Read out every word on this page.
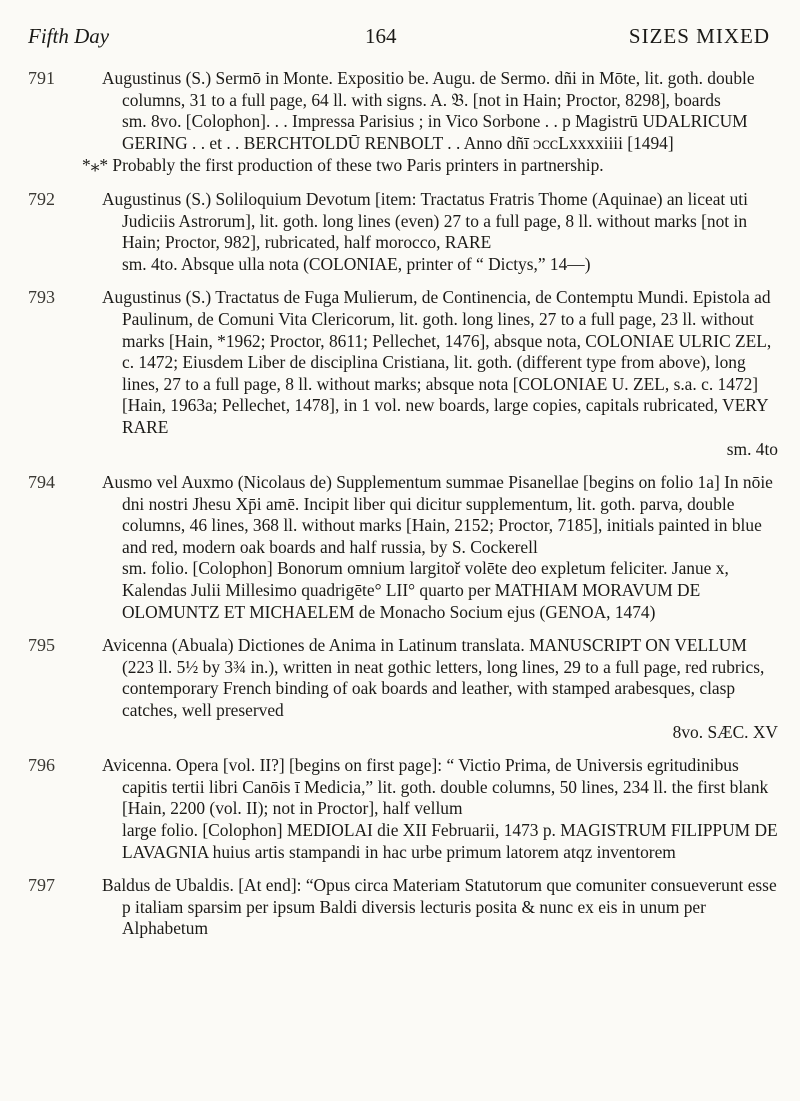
Fifth Day	164	SIZES MIXED
791	Augustinus (S.) Sermō in Monte. Expositio be. Augu. de Sermo. dñi in Mōte, lit. goth. double columns, 31 to a full page, 64 ll. with signs. A. 𝔅. [not in Hain; Proctor, 8298], boards
sm. 8vo. [Colophon]. . . Impressa Parisius ; in Vico Sorbone . . p Magistrū UDALRICUM GERING . . et . . BERCHTOLDŪ RENBOLT . . Anno dñī ᴐᴄᴄLxxxxiiii [1494]
*⁎* Probably the first production of these two Paris printers in partnership.
792	Augustinus (S.) Soliloquium Devotum [item: Tractatus Fratris Thome (Aquinae) an liceat uti Judiciis Astrorum], lit. goth. long lines (even) 27 to a full page, 8 ll. without marks [not in Hain; Proctor, 982], rubricated, half morocco, RARE
sm. 4to. Absque ulla nota (COLONIAE, printer of “ Dictys,” 14—)
793	Augustinus (S.) Tractatus de Fuga Mulierum, de Continencia, de Contemptu Mundi. Epistola ad Paulinum, de Comuni Vita Clericorum, lit. goth. long lines, 27 to a full page, 23 ll. without marks [Hain, *1962; Proctor, 8611; Pellechet, 1476], absque nota, COLONIAE ULRIC ZEL, c. 1472; Eiusdem Liber de disciplina Cristiana, lit. goth. (different type from above), long lines, 27 to a full page, 8 ll. without marks; absque nota [COLONIAE U. ZEL, s.a. c. 1472] [Hain, 1963a; Pellechet, 1478], in 1 vol. new boards, large copies, capitals rubricated, VERY RARE
sm. 4to
794	Ausmo vel Auxmo (Nicolaus de) Supplementum summae Pisanellae [begins on folio 1a] In nōie dni nostri Jhesu Xp̄i amē. Incipit liber qui dicitur supplementum, lit. goth. parva, double columns, 46 lines, 368 ll. without marks [Hain, 2152; Proctor, 7185], initials painted in blue and red, modern oak boards and half russia, by S. Cockerell
sm. folio. [Colophon] Bonorum omnium largitoř volēte deo expletum feliciter. Janue x, Kalendas Julii Millesimo quadrigēte° LII° quarto per MATHIAM MORAVUM DE OLOMUNTZ ET MICHAELEM de Monacho Socium ejus (GENOA, 1474)
795	Avicenna (Abuala) Dictiones de Anima in Latinum translata. MANUSCRIPT ON VELLUM (223 ll. 5½ by 3¾ in.), written in neat gothic letters, long lines, 29 to a full page, red rubrics, contemporary French binding of oak boards and leather, with stamped arabesques, clasp catches, well preserved
8vo. SÆC. XV
796	Avicenna. Opera [vol. II?] [begins on first page]: “ Victio Prima, de Universis egritudinibus capitis tertii libri Canōis ī Medicia,” lit. goth. double columns, 50 lines, 234 ll. the first blank [Hain, 2200 (vol. II); not in Proctor], half vellum
large folio. [Colophon] MEDIOLAI die XII Februarii, 1473 p. MAGISTRUM FILIPPUM DE LAVAGNIA huius artis stampandi in hac urbe primum latorem atqz inventorem
797	Baldus de Ubaldis. [At end]: “Opus circa Materiam Statutorum que comuniter consueverunt esse p italiam sparsim per ipsum Baldi diversis lecturis posita & nunc ex eis in unum per Alphabetum
